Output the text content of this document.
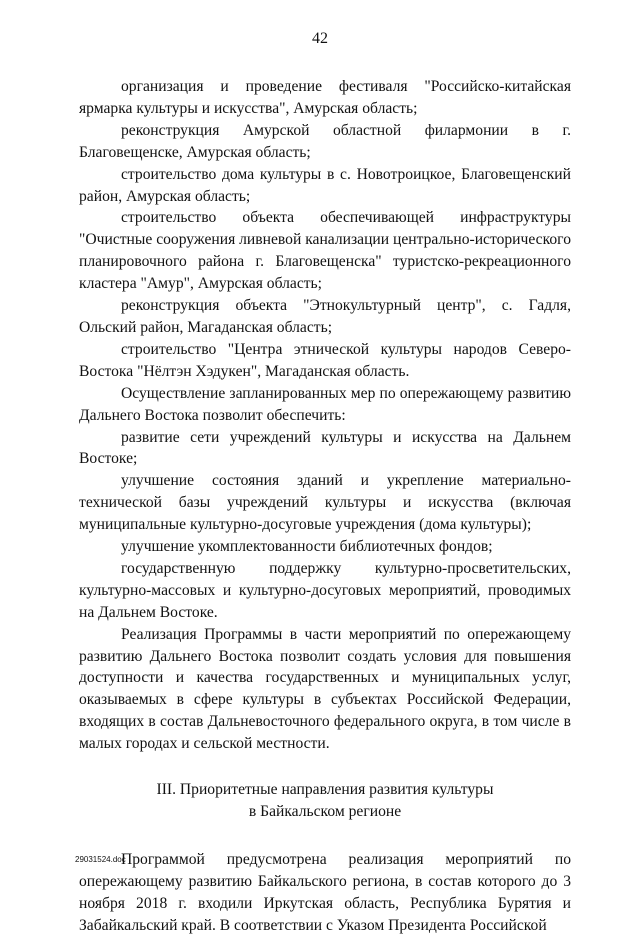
42

организация и проведение фестиваля "Российско-китайская ярмарка культуры и искусства", Амурская область;

реконструкция Амурской областной филармонии в г. Благовещенске, Амурская область;

строительство дома культуры в с. Новотроицкое, Благовещенский район, Амурская область;

строительство объекта обеспечивающей инфраструктуры "Очистные сооружения ливневой канализации центрально-исторического планировочного района г. Благовещенска" туристско-рекреационного кластера "Амур", Амурская область;

реконструкция объекта "Этнокультурный центр", с. Гадля, Ольский район, Магаданская область;

строительство "Центра этнической культуры народов Северо-Востока "Нёлтэн Хэдукен", Магаданская область.

Осуществление запланированных мер по опережающему развитию Дальнего Востока позволит обеспечить:

развитие сети учреждений культуры и искусства на Дальнем Востоке;

улучшение состояния зданий и укрепление материально-технической базы учреждений культуры и искусства (включая муниципальные культурно-досуговые учреждения (дома культуры);

улучшение укомплектованности библиотечных фондов;

государственную поддержку культурно-просветительских, культурно-массовых и культурно-досуговых мероприятий, проводимых на Дальнем Востоке.

Реализация Программы в части мероприятий по опережающему развитию Дальнего Востока позволит создать условия для повышения доступности и качества государственных и муниципальных услуг, оказываемых в сфере культуры в субъектах Российской Федерации, входящих в состав Дальневосточного федерального округа, в том числе в малых городах и сельской местности.

III. Приоритетные направления развития культуры
в Байкальском регионе

Программой предусмотрена реализация мероприятий по опережающему развитию Байкальского региона, в состав которого до 3 ноября 2018 г. входили Иркутская область, Республика Бурятия и Забайкальский край. В соответствии с Указом Президента Российской

29031524.doc
